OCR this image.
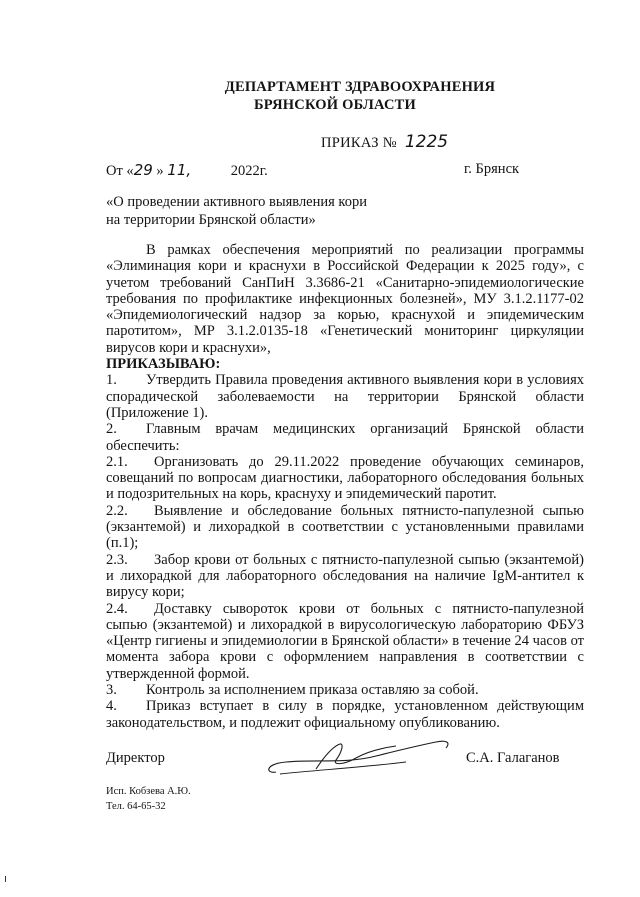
ДЕПАРТАМЕНТ ЗДРАВООХРАНЕНИЯ
БРЯНСКОЙ ОБЛАСТИ
ПРИКАЗ № 1225
От «29 » 11,	2022г.	г. Брянск
«О проведении активного выявления кори
на территории Брянской области»

В рамках обеспечения мероприятий по реализации программы «Элиминация кори и краснухи в Российской Федерации к 2025 году», с учетом требований СанПиН 3.3686-21 «Санитарно-эпидемиологические требования по профилактике инфекционных болезней», МУ 3.1.2.1177-02 «Эпидемиологический надзор за корью, краснухой и эпидемическим паротитом», МР 3.1.2.0135-18 «Генетический мониторинг циркуляции вирусов кори и краснухи»,

ПРИКАЗЫВАЮ:

1. Утвердить Правила проведения активного выявления кори в условиях спорадической заболеваемости на территории Брянской области (Приложение 1).

2. Главным врачам медицинских организаций Брянской области обеспечить:

2.1. Организовать до 29.11.2022 проведение обучающих семинаров, совещаний по вопросам диагностики, лабораторного обследования больных и подозрительных на корь, краснуху и эпидемический паротит.

2.2. Выявление и обследование больных пятнисто-папулезной сыпью (экзантемой) и лихорадкой в соответствии с установленными правилами (п.1);

2.3. Забор крови от больных с пятнисто-папулезной сыпью (экзантемой) и лихорадкой для лабораторного обследования на наличие IgM-антител к вирусу кори;

2.4. Доставку сывороток крови от больных с пятнисто-папулезной сыпью (экзантемой) и лихорадкой в вирусологическую лабораторию ФБУЗ «Центр гигиены и эпидемиологии в Брянской области» в течение 24 часов от момента забора крови с оформлением направления в соответствии с утвержденной формой.

3. Контроль за исполнением приказа оставляю за собой.

4. Приказ вступает в силу в порядке, установленном действующим законодательством, и подлежит официальному опубликованию.

Директор	С.А. Галаганов
Исп. Кобзева А.Ю.
Тел. 64-65-32
